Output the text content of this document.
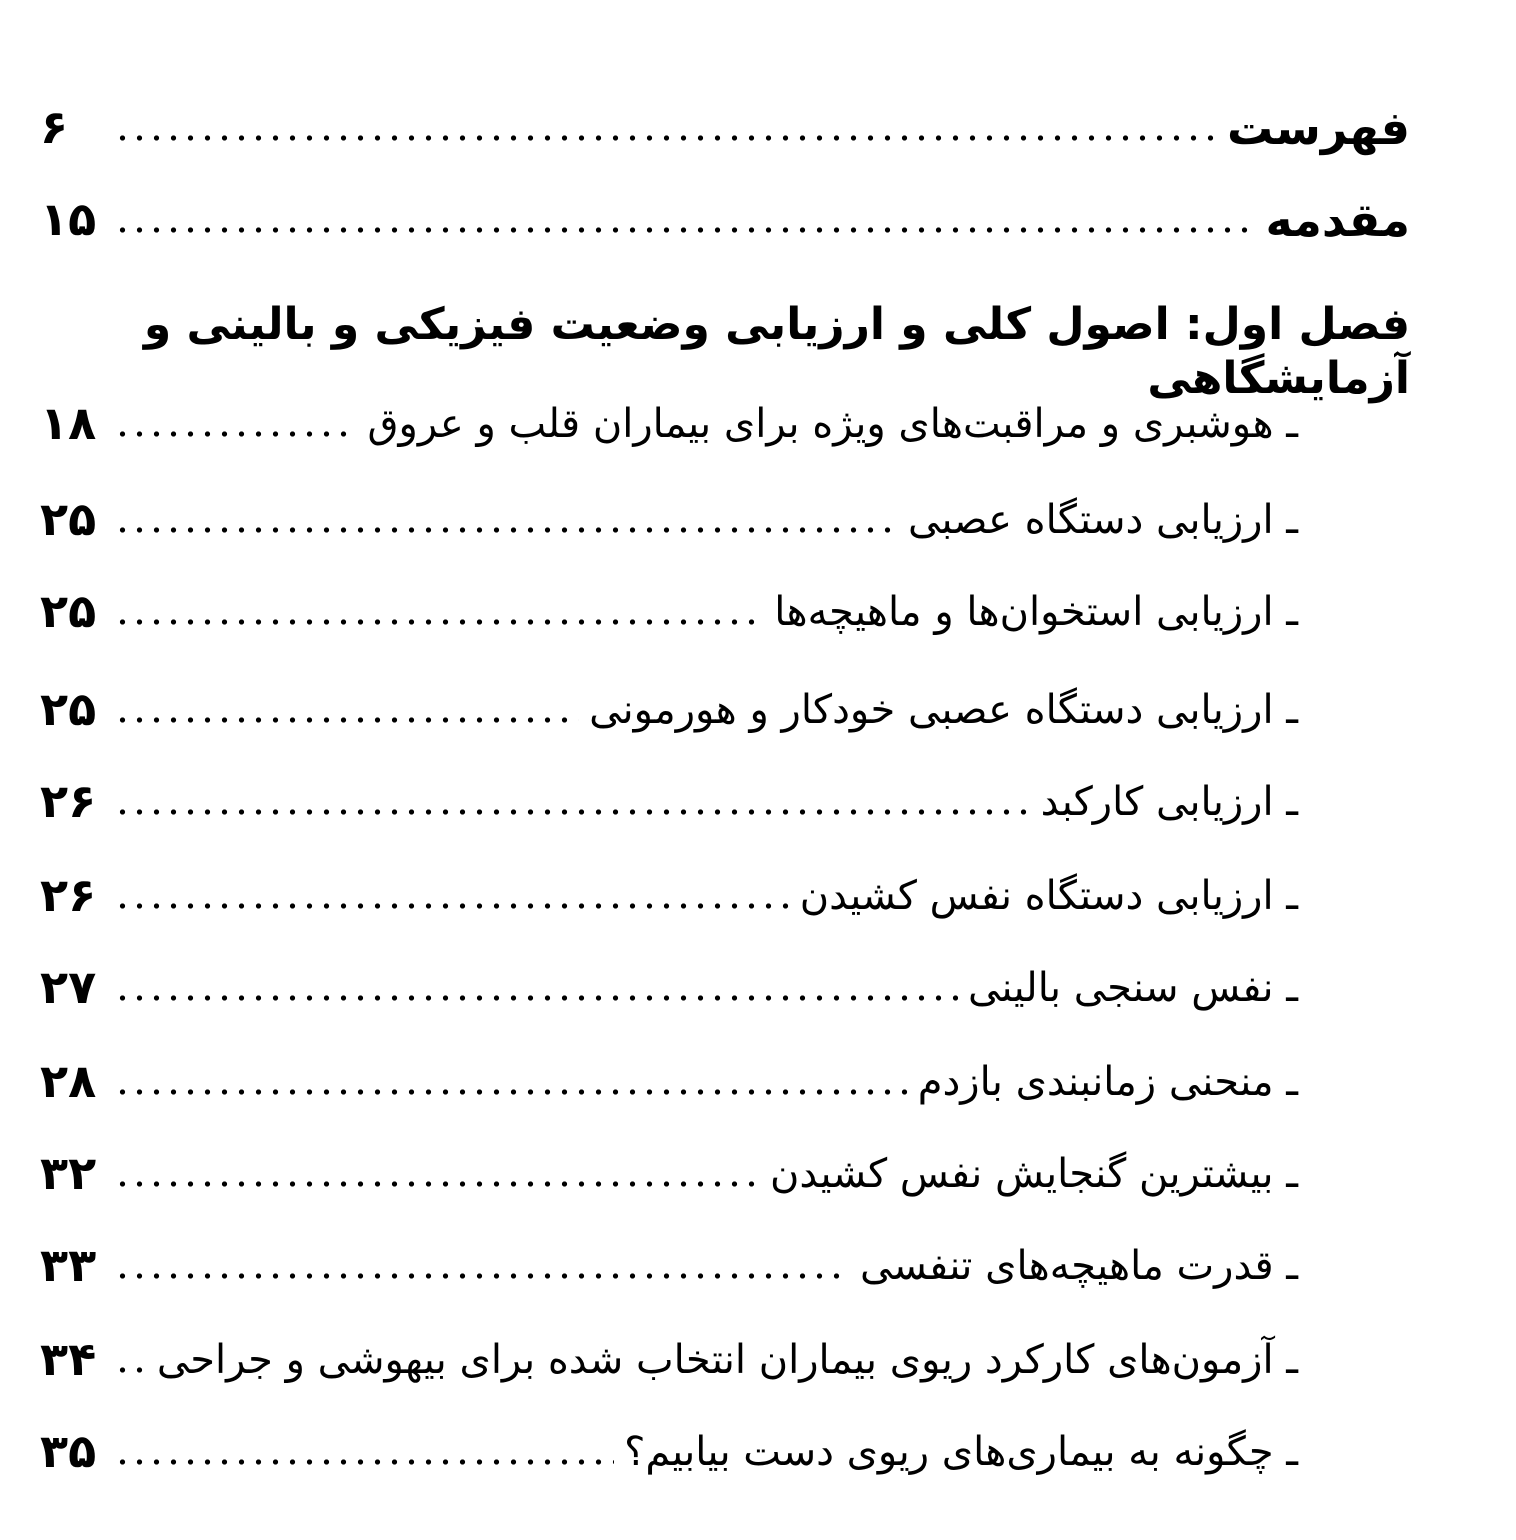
فهرست
۶
مقدمه
۱۵
فصل اول: اصول کلی و ارزیابی وضعیت فیزیکی و بالینی و آزمایشگاهی
ـ هوشبری و مراقبت‌های ویژه برای بیماران قلب و عروق
۱۸
ـ ارزیابی دستگاه عصبی
۲۵
ـ ارزیابی استخوان‌ها و ماهیچه‌ها
۲۵
ـ ارزیابی دستگاه عصبی خودکار و هورمونی
۲۵
ـ ارزیابی کارکبد
۲۶
ـ ارزیابی دستگاه نفس کشیدن
۲۶
ـ نفس سنجی بالینی
۲۷
ـ منحنی زمانبندی بازدم
۲۸
ـ بیشترین گنجایش نفس کشیدن
۳۲
ـ قدرت ماهیچه‌های تنفسی
۳۳
ـ آزمون‌های کارکرد ریوی بیماران انتخاب شده برای بیهوشی و جراحی
۳۴
ـ چگونه به بیماری‌های ریوی دست بیابیم؟
۳۵
